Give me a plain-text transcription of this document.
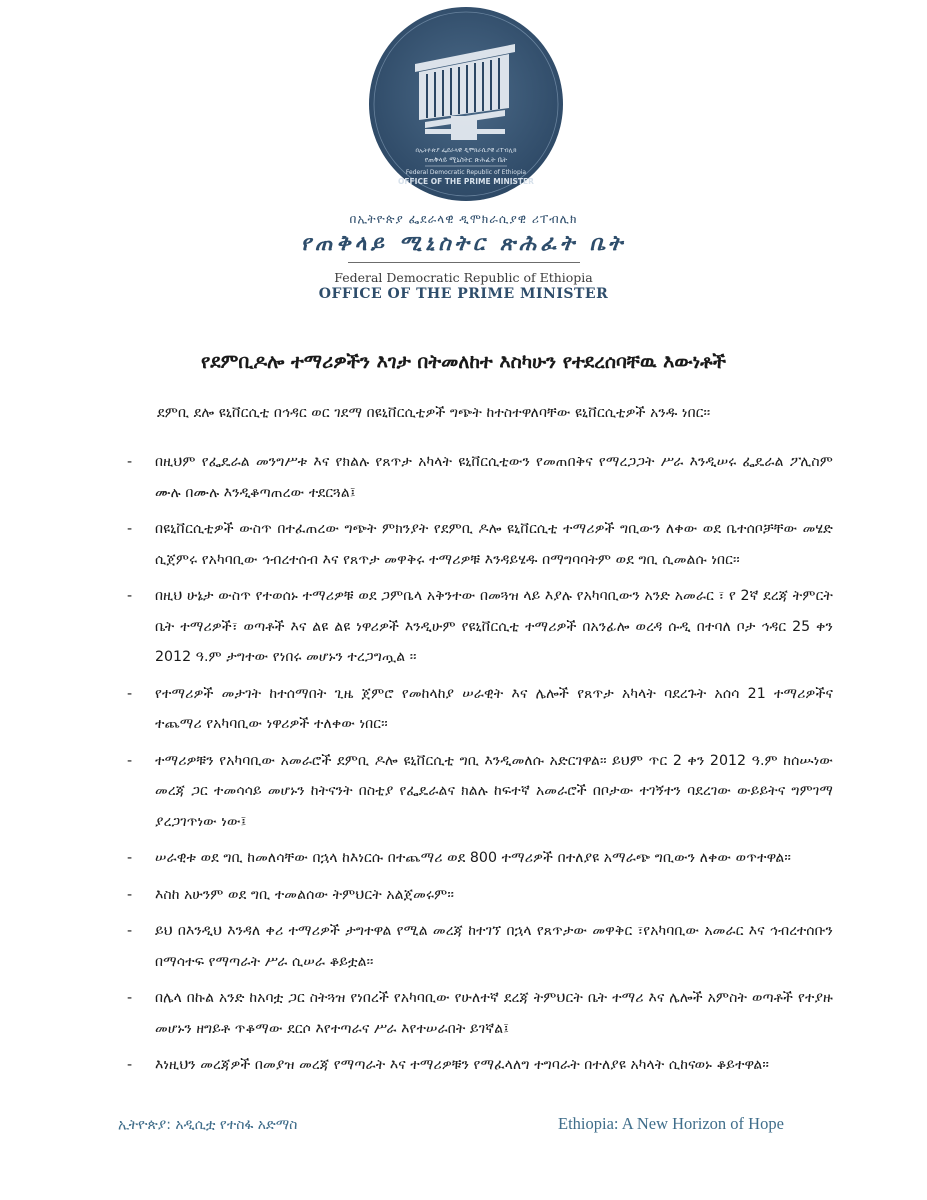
በኢትዮጵያ ፌደራላዊ ዲሞክራሲያዊ ሪፐብሊክ
የጠቅላይ ሚኒስትር ጽሕፈት ቤት
Federal Democratic Republic of Ethiopia
OFFICE OF THE PRIME MINISTER
በኢትዮጵያ ፌደራላዊ ዲሞክራሲያዊ ሪፐብሊክ
የጠቅላይ ሚኒስትር ጽሕፈት ቤት
Federal Democratic Republic of Ethiopia
OFFICE OF THE PRIME MINISTER
የደምቢዶሎ ተማሪዎችን እገታ በትመለከተ እስካሁን የተደረሰባቸዉ እውነቶች

ደምቢ ደሎ ዩኒቨርሲቲ በኅዳር ወር ገደማ በዩኒቨርሲቲዎች ግጭት ከተስተዋለባቸው ዩኒቨርሲቲዎች አንዱ ነበር፡፡

- በዚህም የፌዴራል መንግሥቱ እና የክልሉ የጸጥታ አካላት ዩኒቨርሲቲውን የመጠበቅና የማረጋጋት ሥራ እንዲሠሩ ፌዴራል ፖሊስም ሙሉ በሙሉ እንዲቆጣጠረው ተደርጓል፤
- በዩኒቨርሲቲዎች ውስጥ በተፈጠረው ግጭት ምክንያት የደምቢ ዶሎ ዩኒቨርሲቲ ተማሪዎች ግቢውን ለቀው ወደ ቤተሰቦቻቸው መሄድ ሲጀምሩ የአካባቢው ኅብረተሰብ እና የጸጥታ መዋቅሩ ተማሪዎቹ እንዳይሄዱ በማግባባትም ወደ ግቢ ሲመልሱ ነበር፡፡
- በዚህ ሁኔታ ውስጥ የተወሰኑ ተማሪዎቹ ወደ ጋምቤላ አቅንተው በመጓዝ ላይ እያሉ የአካባቢውን አንድ አመራር ፣ የ 2ኛ ደረጃ ትምርት ቤት ተማሪዎች፣ ወጣቶች እና ልዩ ልዩ ነዋሪዎች እንዲሁም የዩኒቨርሲቲ ተማሪዎች በአንፊሎ ወረዳ ሱዲ በተባለ ቦታ ኅዳር 25 ቀን 2012 ዓ.ም ታግተው የነበሩ መሆኑን ተረጋግጧል ፡፡
- የተማሪዎች መታገት ከተሰማበት ጊዜ ጀምሮ የመከላከያ ሠራዊት እና ሌሎች የጸጥታ አካላት ባደረጉት አሰሳ 21 ተማሪዎችና ተጨማሪ የአካባቢው ነዋሪዎች ተለቀው ነበር፡፡
- ተማሪዎቹን የአካባቢው አመራሮች ደምቢ ዶሎ ዩኒቨርሲቲ ግቢ እንዲመለሱ አድርገዋል፡፡ ይህም ጥር 2 ቀን 2012 ዓ.ም ከሰሡነው መረጃ ጋር ተመሳሳይ መሆኑን ከትናንት በስቲያ የፌዴራልና ክልሉ ከፍተኛ አመራሮች በቦታው ተገኝተን ባደረገው ውይይትና ግምገማ ያረጋገጥነው ነው፤
- ሠራዊቱ ወደ ግቢ ከመለሳቸው በኋላ ከእነርሱ በተጨማሪ ወደ 800 ተማሪዎች በተለያዩ አማራጭ ግቢውን ለቀው ወጥተዋል።
- እስከ አሁንም ወደ ግቢ ተመልሰው ትምህርት አልጀመሩም፡፡
- ይህ በእንዲህ እንዳለ ቀሪ ተማሪዎች ታግተዋል የሚል መረጃ ከተገኘ በኋላ የጸጥታው መዋቅር ፣የአካባቢው አመራር እና ኅብረተሰቡን በማሳተፍ የማጣራት ሥራ ሲሠራ ቆይቷል፡፡
- በሌላ በኩል አንድ ከአባቷ ጋር ስትጓዝ የነበረች የአካባቢው የሁለተኛ ደረጃ ትምህርት ቤት ተማሪ እና ሌሎች አምስት ወጣቶች የተያዙ መሆኑን ዘግይቶ ጥቆማው ደርሶ እየተጣራና ሥራ እየተሠራበት ይገኛል፤
- እነዚህን መረጃዎች በመያዝ መረጃ የማጣራት እና ተማሪዎቹን የማፈላለግ ተግባራት በተለያዩ አካላት ሲከናወኑ ቆይተዋል።
ኢትዮጵያ: አዲሲቷ የተስፋ አድማስ	Ethiopia: A New Horizon of Hope
